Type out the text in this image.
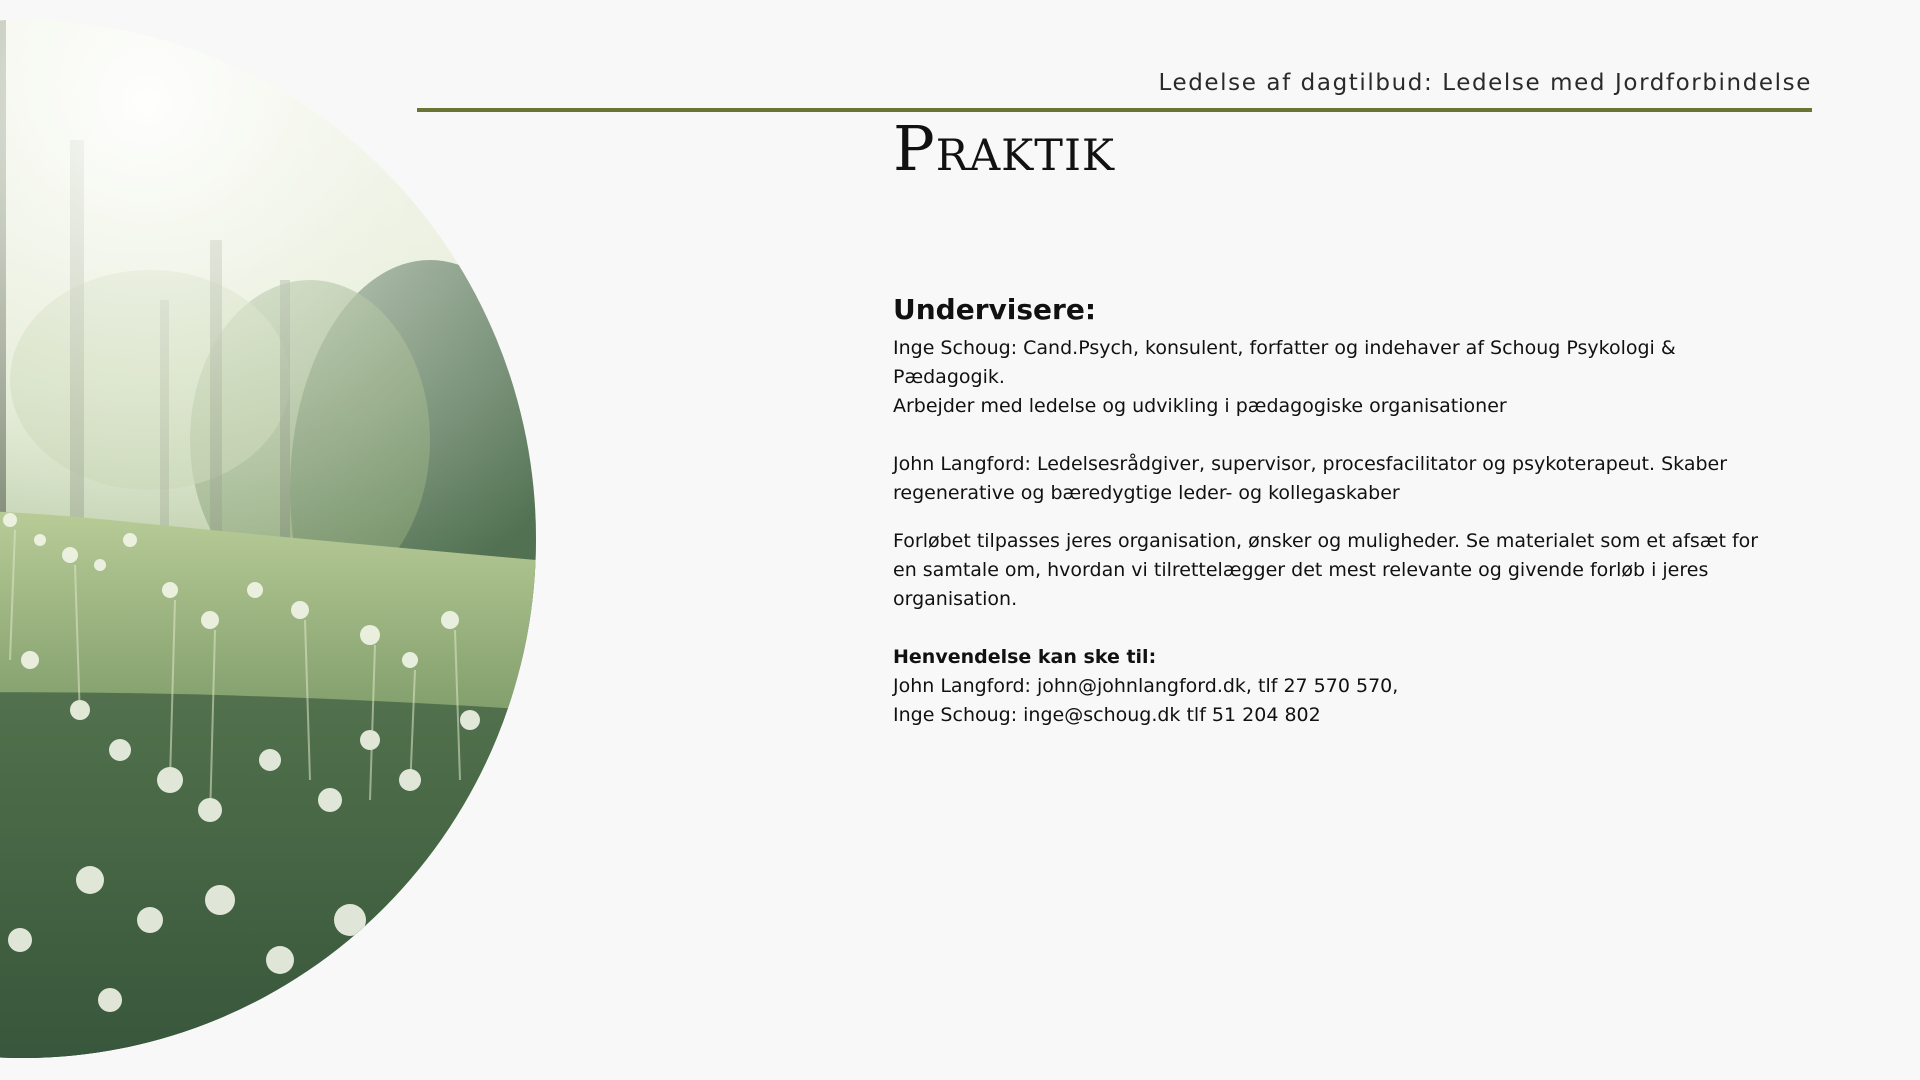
Ledelse af dagtilbud: Ledelse med Jordforbindelse
Praktik
Undervisere:

Inge Schoug: Cand.Psych, konsulent, forfatter og indehaver af Schoug Psykologi & Pædagogik.

Arbejder med ledelse og udvikling i pædagogiske organisationer

John Langford: Ledelsesrådgiver, supervisor, procesfacilitator og psykoterapeut. Skaber

regenerative og bæredygtige leder- og kollegaskaber

Forløbet tilpasses jeres organisation, ønsker og muligheder. Se materialet som et afsæt for

en samtale om, hvordan vi tilrettelægger det mest relevante og givende forløb i jeres

organisation.

Henvendelse kan ske til:

John Langford: john@johnlangford.dk, tlf 27 570 570,

Inge Schoug: inge@schoug.dk tlf 51 204 802
